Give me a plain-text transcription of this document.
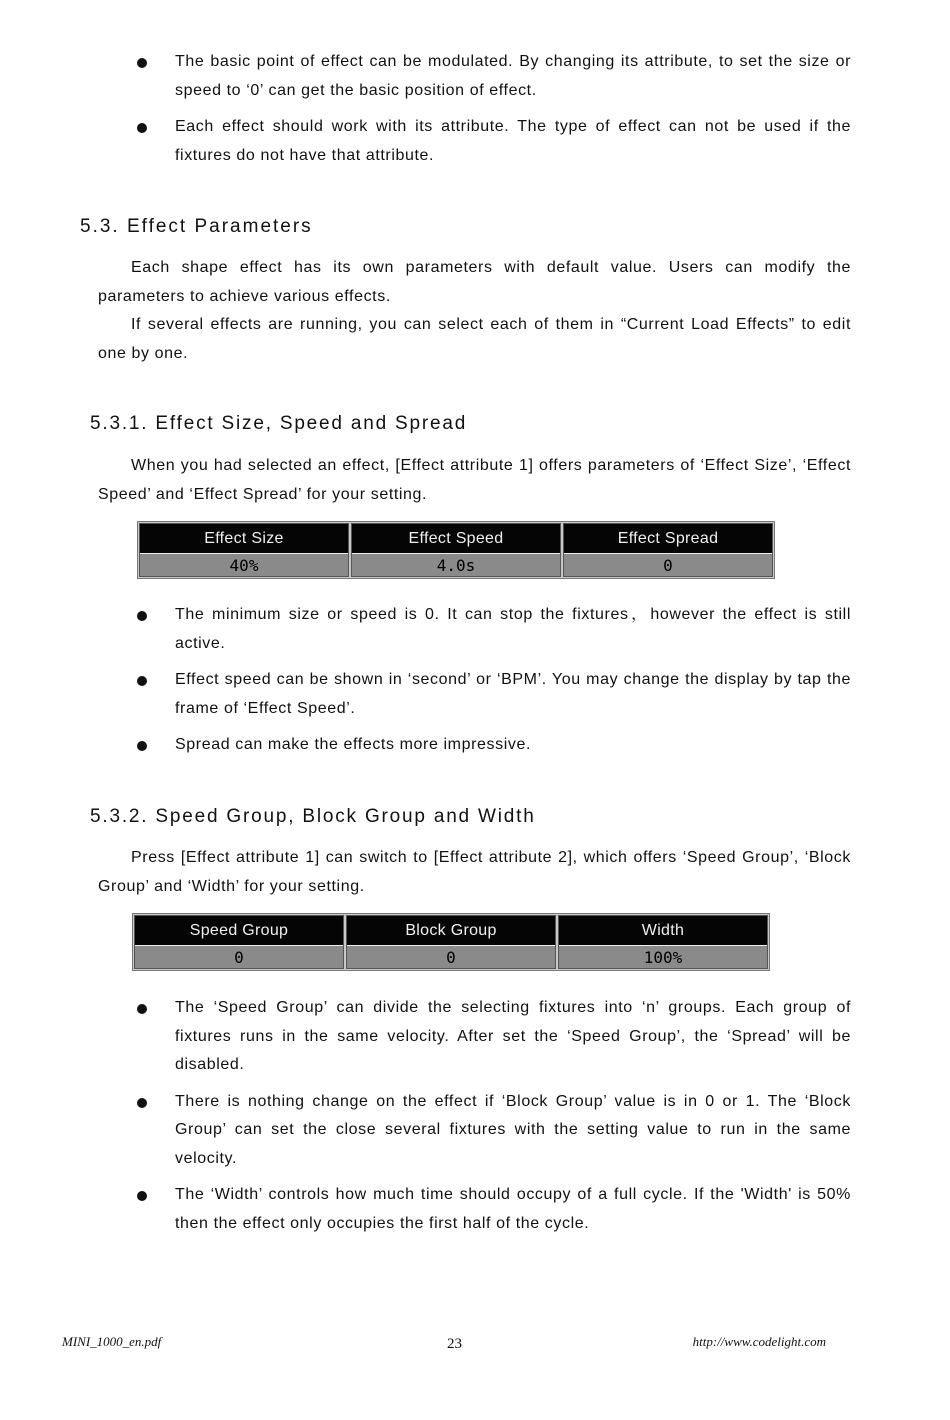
The basic point of effect can be modulated. By changing its attribute, to set the size or speed to ‘0’ can get the basic position of effect.
Each effect should work with its attribute. The type of effect can not be used if the fixtures do not have that attribute.
5.3. Effect Parameters

Each shape effect has its own parameters with default value. Users can modify the parameters to achieve various effects.

If several effects are running, you can select each of them in “Current Load Effects” to edit one by one.

5.3.1. Effect Size, Speed and Spread

When you had selected an effect, [Effect attribute 1] offers parameters of ‘Effect Size’, ‘Effect Speed’ and ‘Effect Spread’ for your setting.

Effect Size
40%
Effect Speed
4.0s
Effect Spread
0
The minimum size or speed is 0. It can stop the fixtures，however the effect is still active.
Effect speed can be shown in ‘second’ or ‘BPM’. You may change the display by tap the frame of ‘Effect Speed’.
Spread can make the effects more impressive.
5.3.2. Speed Group, Block Group and Width

Press [Effect attribute 1] can switch to [Effect attribute 2], which offers ‘Speed Group’, ‘Block Group’ and ‘Width’ for your setting.

Speed Group
0
Block Group
0
Width
100%
The ‘Speed Group’ can divide the selecting fixtures into ‘n’ groups. Each group of fixtures runs in the same velocity. After set the ‘Speed Group’, the ‘Spread’ will be disabled.
There is nothing change on the effect if ‘Block Group’ value is in 0 or 1. The ‘Block Group’ can set the close several fixtures with the setting value to run in the same velocity.
The ‘Width’ controls how much time should occupy of a full cycle. If the 'Width' is 50% then the effect only occupies the first half of the cycle.
MINI_1000_en.pdf	23	http://www.codelight.com
